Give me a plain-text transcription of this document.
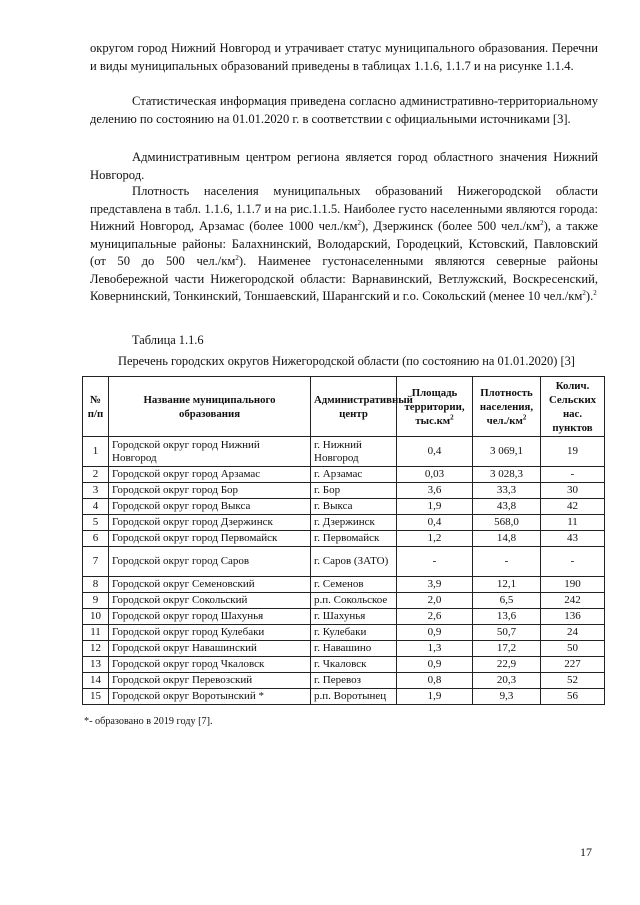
округом город Нижний Новгород и утрачивает статус муниципального образования. Перечни и виды муниципальных образований приведены в таблицах 1.1.6, 1.1.7 и на рисунке 1.1.4.

Статистическая информация приведена согласно административно-территориальному делению по состоянию на 01.01.2020 г. в соответствии с официальными источниками [3].

Административным центром региона является город областного значения Нижний Новгород.

Плотность населения муниципальных образований Нижегородской области представлена в табл. 1.1.6, 1.1.7 и на рис.1.1.5. Наиболее густо населенными являются города: Нижний Новгород, Арзамас (более 1000 $чел./км^2$), Дзержинск (более 500 $чел./км^2$), а также муниципальные районы: Балахнинский, Володарский, Городецкий, Кстовский, Павловский (от 50 до 500 $чел./км^2$). Наименее густонаселенными являются северные районы Левобережной части Нижегородской области: Варнавинский, Ветлужский, Воскресенский, Ковернинский, Тонкинский, Тоншаевский, Шарангский и г.о. Сокольский (менее 10 $чел./км^2).^2$

Таблица 1.1.6

Перечень городских округов Нижегородской области (по состоянию на 01.01.2020) [3]

№ п/п	Название муниципального образования	Административный центр	Площадь территории, $тыс.км^2$	Плотность населения, $чел./км^2$	Колич. Сельских нас. пунктов
1	Городской округ город Нижний Новгород	г. Нижний Новгород	0,4	3 069,1	19
2	Городской округ город Арзамас	г. Арзамас	0,03	3 028,3	-
3	Городской округ город Бор	г. Бор	3,6	33,3	30
4	Городской округ город Выкса	г. Выкса	1,9	43,8	42
5	Городской округ город Дзержинск	г. Дзержинск	0,4	568,0	11
6	Городской округ город Первомайск	г. Первомайск	1,2	14,8	43
7	Городской округ город Саров	г. Саров (ЗАТО)	-	-	-
8	Городской округ Семеновский	г. Семенов	3,9	12,1	190
9	Городской округ Сокольский	р.п. Сокольское	2,0	6,5	242
10	Городской округ город Шахунья	г. Шахунья	2,6	13,6	136
11	Городской округ город Кулебаки	г. Кулебаки	0,9	50,7	24
12	Городской округ Навашинский	г. Навашино	1,3	17,2	50
13	Городской округ город Чкаловск	г. Чкаловск	0,9	22,9	227
14	Городской округ Перевозский	г. Перевоз	0,8	20,3	52
15	Городской округ Воротынский *	р.п. Воротынец	1,9	9,3	56
*- образовано в 2019 году [7].
17
